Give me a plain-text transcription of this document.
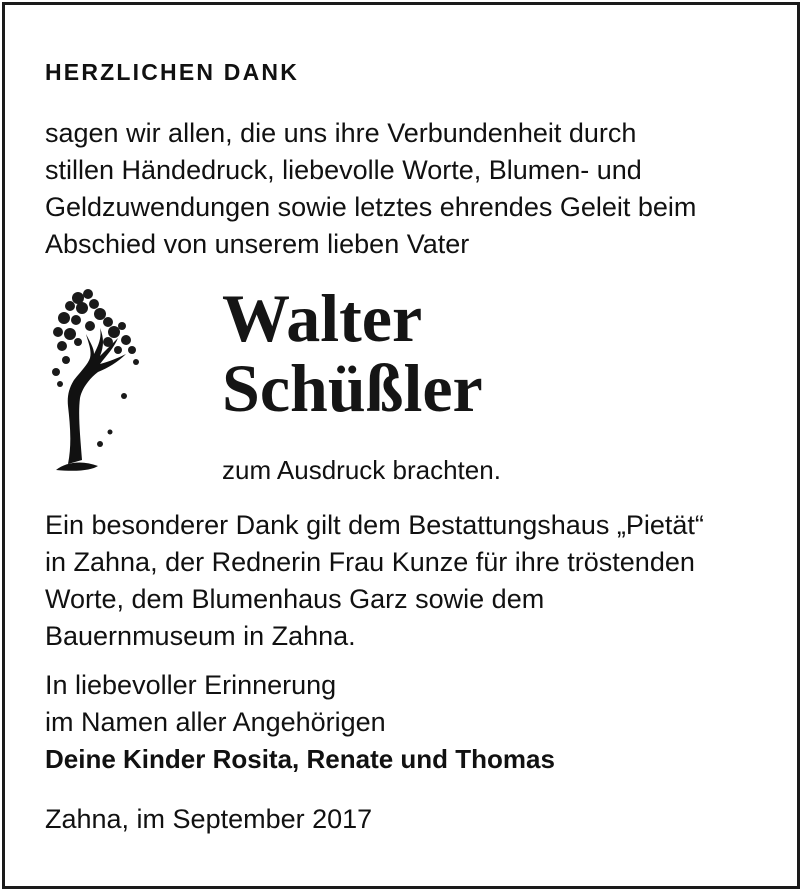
HERZLICHEN DANK

sagen wir allen, die uns ihre Verbundenheit durch
stillen Händedruck, liebevolle Worte, Blumen- und
Geldzuwendungen sowie letztes ehrendes Geleit beim
Abschied von unserem lieben Vater

Walter
Schüßler

zum Ausdruck brachten.

Ein besonderer Dank gilt dem Bestattungshaus „Pietät“
in Zahna, der Rednerin Frau Kunze für ihre tröstenden
Worte, dem Blumenhaus Garz sowie dem
Bauernmuseum in Zahna.

In liebevoller Erinnerung
im Namen aller Angehörigen
Deine Kinder Rosita, Renate und Thomas

Zahna, im September 2017
